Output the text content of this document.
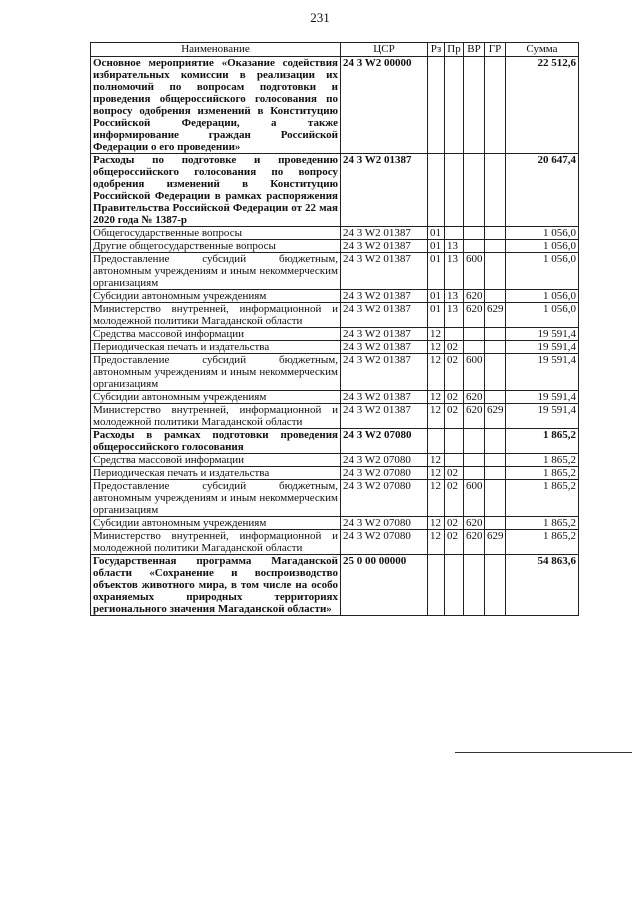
231
Наименование	ЦСР	Рз	Пр	ВР	ГР	Сумма
Основное мероприятие «Оказание содействия избирательных комиссии в реализации их полномочий по вопросам подготовки и проведения общероссийского голосования по вопросу одобрения изменений в Конституцию Российской Федерации, а также информирование граждан Российской Федерации о его проведении»	24 3 W2 00000					22 512,6
Расходы по подготовке и проведению общероссийского голосования по вопросу одобрения изменений в Конституцию Российской Федерации в рамках распоряжения Правительства Российской Федерации от 22 мая 2020 года № 1387-р	24 3 W2 01387					20 647,4
Общегосударственные вопросы	24 3 W2 01387	01				1 056,0
Другие общегосударственные вопросы	24 3 W2 01387	01	13			1 056,0
Предоставление субсидий бюджетным, автономным учреждениям и иным некоммерческим организациям	24 3 W2 01387	01	13	600		1 056,0
Субсидии автономным учреждениям	24 3 W2 01387	01	13	620		1 056,0
Министерство внутренней, информационной и молодежной политики Магаданской области	24 3 W2 01387	01	13	620	629	1 056,0
Средства массовой информации	24 3 W2 01387	12				19 591,4
Периодическая печать и издательства	24 3 W2 01387	12	02			19 591,4
Предоставление субсидий бюджетным, автономным учреждениям и иным некоммерческим организациям	24 3 W2 01387	12	02	600		19 591,4
Субсидии автономным учреждениям	24 3 W2 01387	12	02	620		19 591,4
Министерство внутренней, информационной и молодежной политики Магаданской области	24 3 W2 01387	12	02	620	629	19 591,4
Расходы в рамках подготовки проведения общероссийского голосования	24 3 W2 07080					1 865,2
Средства массовой информации	24 3 W2 07080	12				1 865,2
Периодическая печать и издательства	24 3 W2 07080	12	02			1 865,2
Предоставление субсидий бюджетным, автономным учреждениям и иным некоммерческим организациям	24 3 W2 07080	12	02	600		1 865,2
Субсидии автономным учреждениям	24 3 W2 07080	12	02	620		1 865,2
Министерство внутренней, информационной и молодежной политики Магаданской области	24 3 W2 07080	12	02	620	629	1 865,2
Государственная программа Магаданской области «Сохранение и воспроизводство объектов животного мира, в том числе на особо охраняемых природных территориях регионального значения Магаданской области»	25 0 00 00000					54 863,6
